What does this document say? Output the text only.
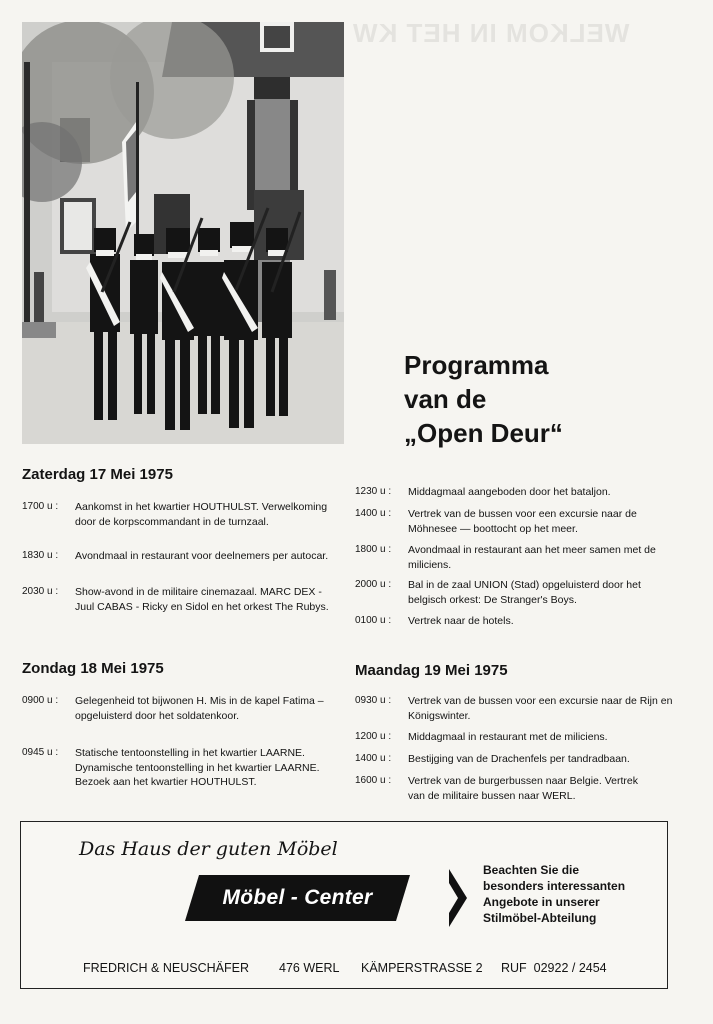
WELKOM IN HET KW
Programma
van de
„Open Deur“
Zaterdag 17 Mei 1975
1700 u :	Aankomst in het kwartier HOUTHULST. Verwelkoming door de korpscommandant in de turnzaal.
1830 u :	Avondmaal in restaurant voor deelnemers per autocar.
2030 u :	Show-avond in de militaire cinemazaal. MARC DEX - Juul CABAS - Ricky en Sidol en het orkest The Rubys.
1230 u :	Middagmaal aangeboden door het bataljon.
1400 u :	Vertrek van de bussen voor een excursie naar de Möhnesee — boottocht op het meer.
1800 u :	Avondmaal in restaurant aan het meer samen met de miliciens.
2000 u :	Bal in de zaal UNION (Stad) opgeluisterd door het belgisch orkest: De Stranger's Boys.
0100 u :	Vertrek naar de hotels.
Zondag 18 Mei 1975
0900 u :	Gelegenheid tot bijwonen H. Mis in de kapel Fatima – opgeluisterd door het soldatenkoor.
0945 u :	Statische tentoonstelling in het kwartier LAARNE. Dynamische tentoonstelling in het kwartier LAARNE. Bezoek aan het kwartier HOUTHULST.
Maandag 19 Mei 1975
0930 u :	Vertrek van de bussen voor een excursie naar de Rijn en Königswinter.
1200 u :	Middagmaal in restaurant met de miliciens.
1400 u :	Bestijging van de Drachenfels per tandradbaan.
1600 u :	Vertrek van de burgerbussen naar Belgie. Vertrek van de militaire bussen naar WERL.
Das Haus der guten Möbel
Möbel - Center
Beachten Sie die
besonders interessanten
Angebote in unserer
Stilmöbel-Abteilung
FREDRICH & NEUSCHÄFER	476 WERL	KÄMPERSTRASSE 2	RUF  02922 / 2454
